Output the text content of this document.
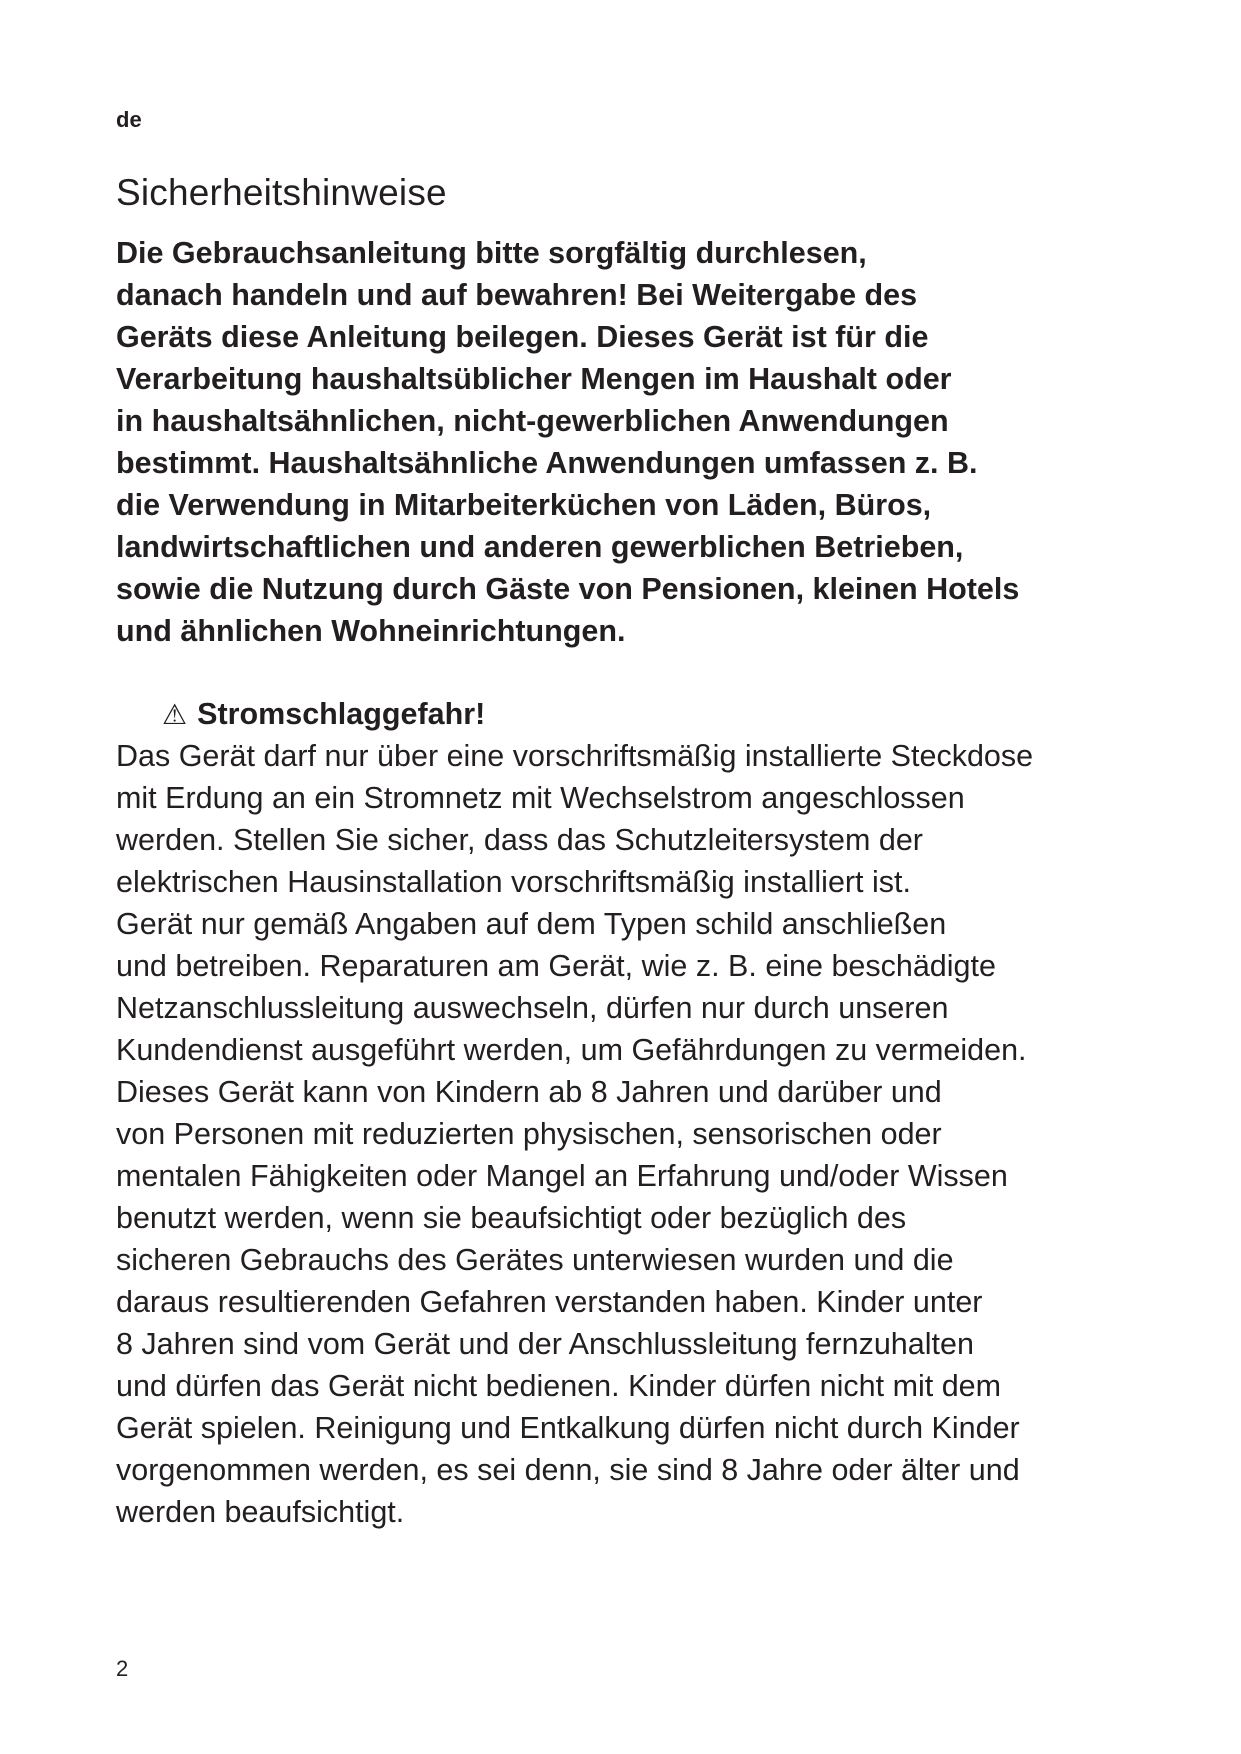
de
Sicherheitshinweise
Die Gebrauchsanleitung bitte sorgfältig durchlesen,
danach handeln und auf bewahren! Bei Weitergabe des
Geräts diese Anleitung beilegen. Dieses Gerät ist für die
Verarbeitung haushaltsüblicher Mengen im Haushalt oder
in haushaltsähnlichen, nicht-gewerblichen Anwendungen
bestimmt. Haushaltsähnliche Anwendungen umfassen z. B.
die Verwendung in Mitarbeiterküchen von Läden, Büros,
landwirtschaftlichen und anderen gewerblichen Betrieben,
sowie die Nutzung durch Gäste von Pensionen, kleinen Hotels
und ähnlichen Wohneinrichtungen.
⚠ Stromschlaggefahr!
Das Gerät darf nur über eine vorschriftsmäßig installierte Steckdose
mit Erdung an ein Stromnetz mit Wechselstrom angeschlossen
werden. Stellen Sie sicher, dass das Schutzleitersystem der
elektrischen Hausinstallation vorschriftsmäßig installiert ist.
Gerät nur gemäß Angaben auf dem Typen schild anschließen
und betreiben. Reparaturen am Gerät, wie z. B. eine beschädigte
Netzanschlussleitung auswechseln, dürfen nur durch unseren
Kundendienst ausgeführt werden, um Gefährdungen zu vermeiden.
Dieses Gerät kann von Kindern ab 8 Jahren und darüber und
von Personen mit reduzierten physischen, sensorischen oder
mentalen Fähigkeiten oder Mangel an Erfahrung und/oder Wissen
benutzt werden, wenn sie beaufsichtigt oder bezüglich des
sicheren Gebrauchs des Gerätes unterwiesen wurden und die
daraus resultierenden Gefahren verstanden haben. Kinder unter
8 Jahren sind vom Gerät und der Anschlussleitung fernzuhalten
und dürfen das Gerät nicht bedienen. Kinder dürfen nicht mit dem
Gerät spielen. Reinigung und Entkalkung dürfen nicht durch Kinder
vorgenommen werden, es sei denn, sie sind 8 Jahre oder älter und
werden beaufsichtigt.
2
